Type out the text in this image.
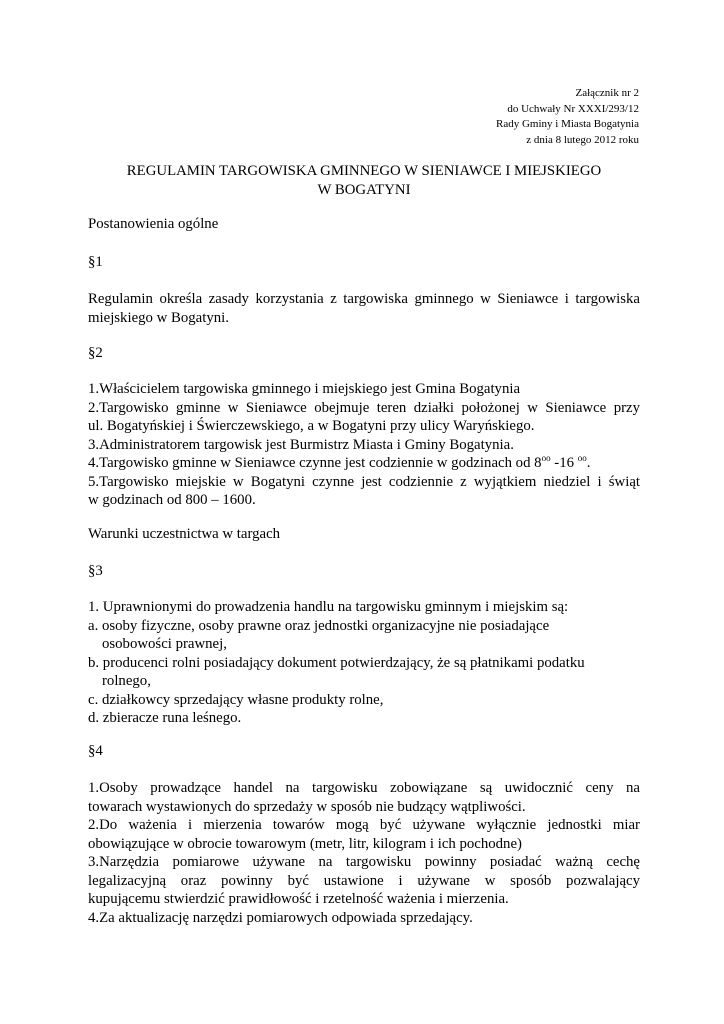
Załącznik nr 2
do Uchwały Nr XXXI/293/12
Rady Gminy i Miasta Bogatynia
z dnia 8 lutego 2012 roku
REGULAMIN TARGOWISKA GMINNEGO W SIENIAWCE I MIEJSKIEGO
W BOGATYNI
Postanowienia ogólne
§1
Regulamin określa zasady korzystania z targowiska gminnego w Sieniawce i targowiska miejskiego w Bogatyni.
§2
1.Właścicielem targowiska gminnego i miejskiego jest Gmina Bogatynia
2.Targowisko gminne w Sieniawce obejmuje teren działki położonej w Sieniawce przy
ul. Bogatyńskiej i Świerczewskiego, a w Bogatyni przy ulicy Waryńskiego.
3.Administratorem targowisk jest Burmistrz Miasta i Gminy Bogatynia.
4.Targowisko gminne w Sieniawce czynne jest codziennie w godzinach od $8^{oo}$ -16 $^{oo}$.
5.Targowisko miejskie w Bogatyni czynne jest codziennie z wyjątkiem niedziel i świąt
w godzinach od 800 – 1600.
Warunki uczestnictwa w targach
§3
1. Uprawnionymi do prowadzenia handlu na targowisku gminnym i miejskim są:
a. osoby fizyczne, osoby prawne oraz jednostki organizacyjne nie posiadające
osobowości prawnej,
b. producenci rolni posiadający dokument potwierdzający, że są płatnikami podatku
rolnego,
c. działkowcy sprzedający własne produkty rolne,
d. zbieracze runa leśnego.
§4
1.Osoby prowadzące handel na targowisku zobowiązane są uwidocznić ceny na
towarach wystawionych do sprzedaży w sposób nie budzący wątpliwości.
2.Do ważenia i mierzenia towarów mogą być używane wyłącznie jednostki miar
obowiązujące w obrocie towarowym (metr, litr, kilogram i ich pochodne)
3.Narzędzia pomiarowe używane na targowisku powinny posiadać ważną cechę
legalizacyjną oraz powinny być ustawione i używane w sposób pozwalający
kupującemu stwierdzić prawidłowość i rzetelność ważenia i mierzenia.
4.Za aktualizację narzędzi pomiarowych odpowiada sprzedający.
